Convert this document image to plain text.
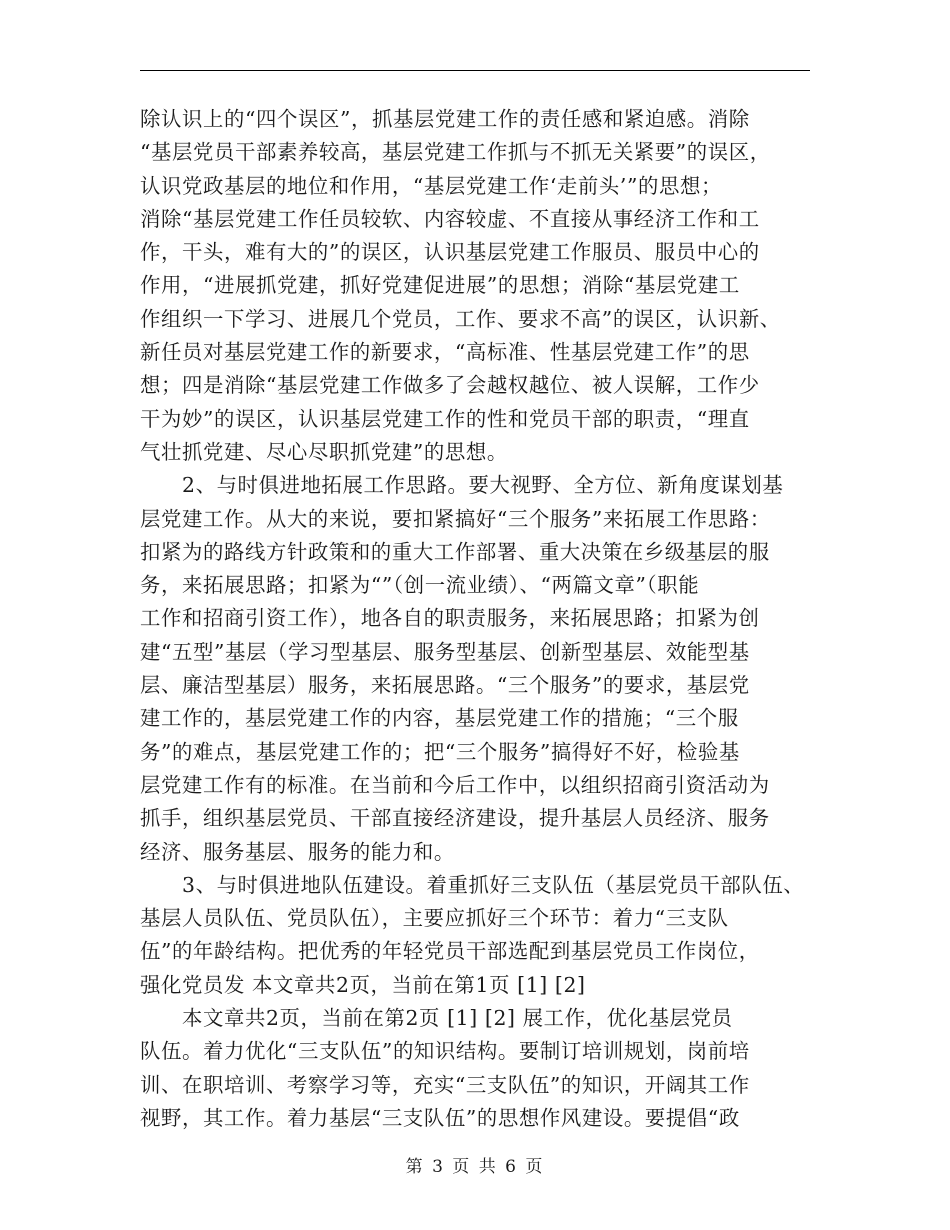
除认识上的“四个误区”，抓基层党建工作的责任感和紧迫感。消除
“基层党员干部素养较高，基层党建工作抓与不抓无关紧要”的误区，
认识党政基层的地位和作用，“基层党建工作‘走前头’”的思想；
消除“基层党建工作任员较软、内容较虚、不直接从事经济工作和工
作，干头，难有大的”的误区，认识基层党建工作服员、服员中心的
作用，“进展抓党建，抓好党建促进展”的思想；消除“基层党建工
作组织一下学习、进展几个党员，工作、要求不高”的误区，认识新、
新任员对基层党建工作的新要求，“高标准、性基层党建工作”的思
想；四是消除“基层党建工作做多了会越权越位、被人误解，工作少
干为妙”的误区，认识基层党建工作的性和党员干部的职责，“理直
气壮抓党建、尽心尽职抓党建”的思想。
2、与时俱进地拓展工作思路。要大视野、全方位、新角度谋划基
层党建工作。从大的来说，要扣紧搞好“三个服务”来拓展工作思路：
扣紧为的路线方针政策和的重大工作部署、重大决策在乡级基层的服
务，来拓展思路；扣紧为“”（创一流业绩）、“两篇文章”（职能
工作和招商引资工作），地各自的职责服务，来拓展思路；扣紧为创
建“五型”基层（学习型基层、服务型基层、创新型基层、效能型基
层、廉洁型基层）服务，来拓展思路。“三个服务”的要求，基层党
建工作的，基层党建工作的内容，基层党建工作的措施；“三个服
务”的难点，基层党建工作的；把“三个服务”搞得好不好，检验基
层党建工作有的标准。在当前和今后工作中，以组织招商引资活动为
抓手，组织基层党员、干部直接经济建设，提升基层人员经济、服务
经济、服务基层、服务的能力和。
3、与时俱进地队伍建设。着重抓好三支队伍（基层党员干部队伍、
基层人员队伍、党员队伍），主要应抓好三个环节：着力“三支队
伍”的年龄结构。把优秀的年轻党员干部选配到基层党员工作岗位，
强化党员发 本文章共2页，当前在第1页 [1] [2]
本文章共2页，当前在第2页 [1] [2] 展工作，优化基层党员
队伍。着力优化“三支队伍”的知识结构。要制订培训规划，岗前培
训、在职培训、考察学习等，充实“三支队伍”的知识，开阔其工作
视野，其工作。着力基层“三支队伍”的思想作风建设。要提倡“政
第 3 页 共 6 页
